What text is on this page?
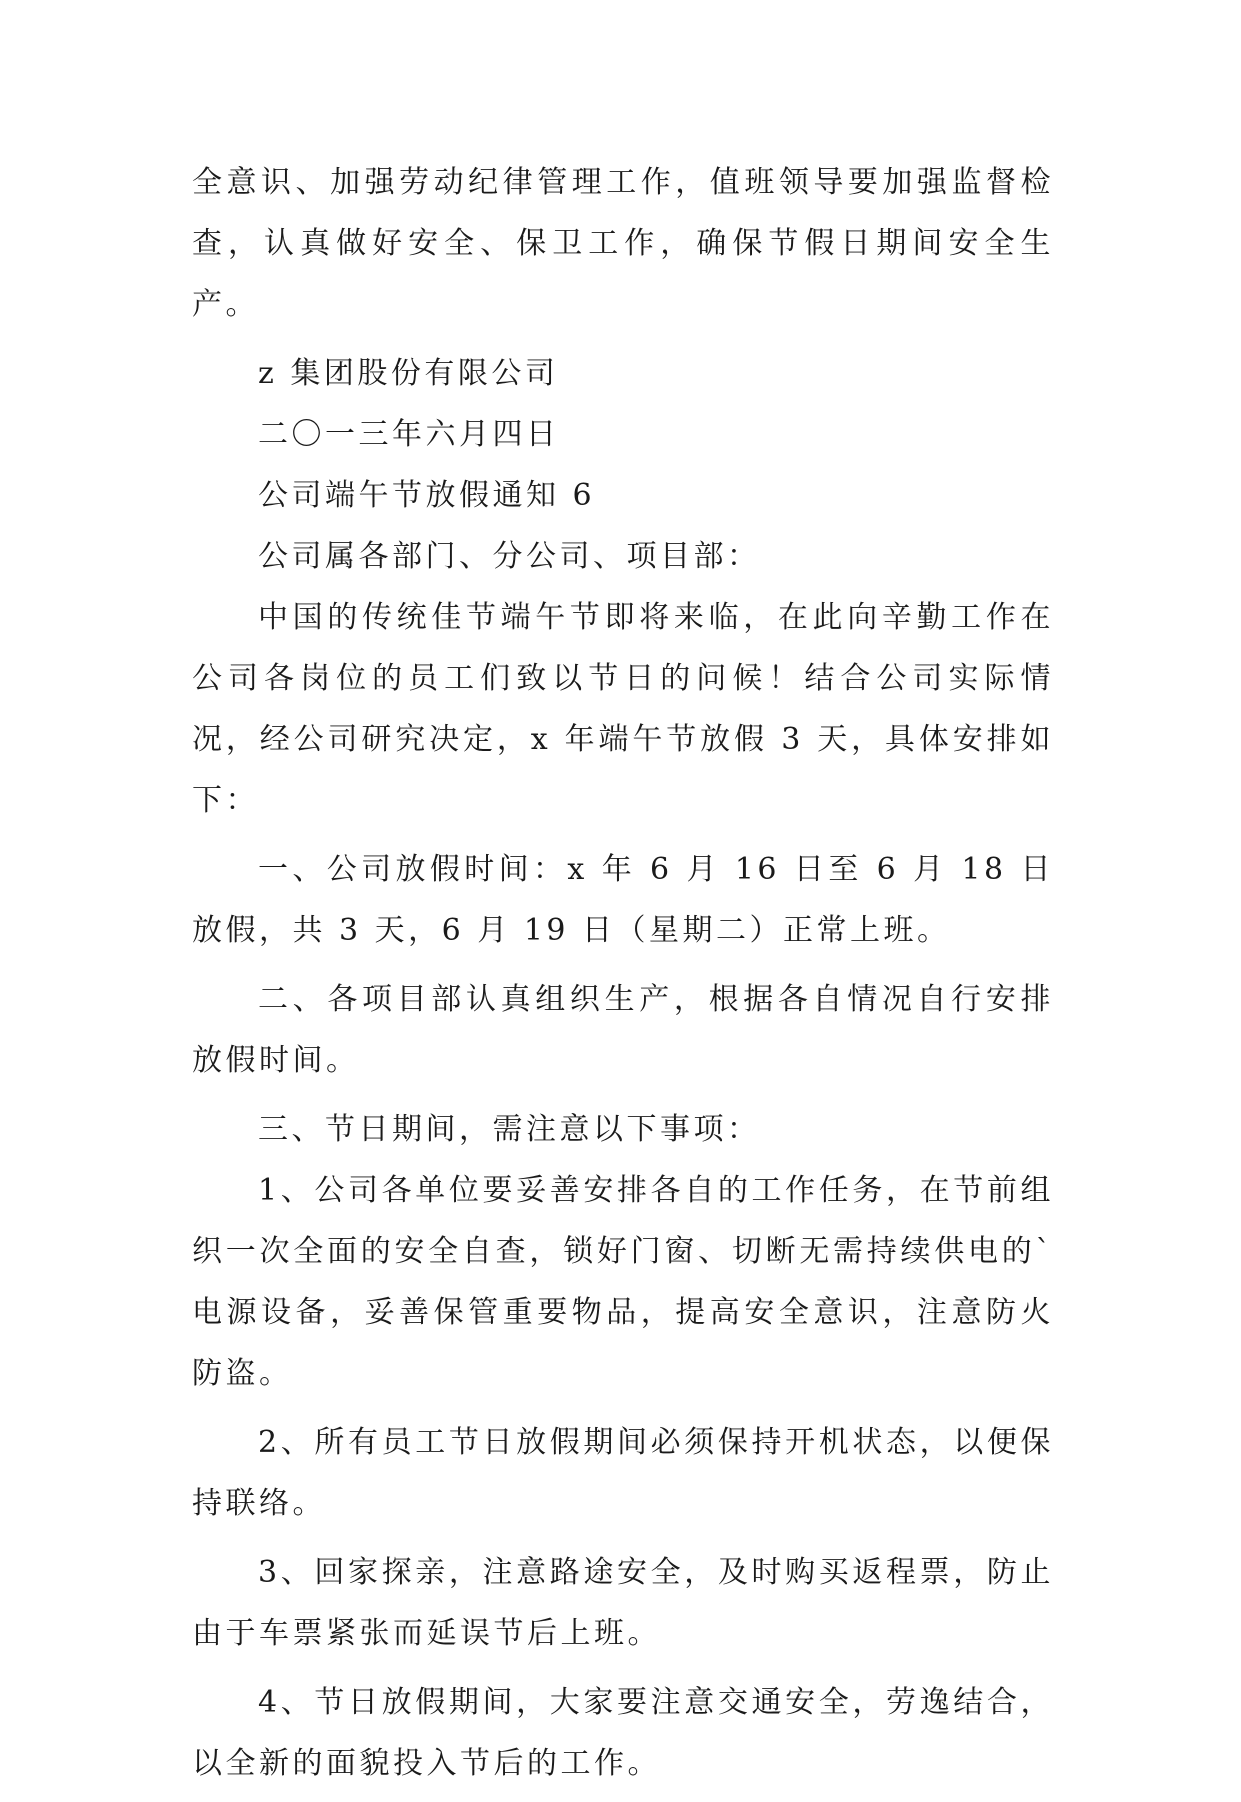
全意识、加强劳动纪律管理工作，值班领导要加强监督检查，认真做好安全、保卫工作，确保节假日期间安全生产。

z 集团股份有限公司

二〇一三年六月四日

公司端午节放假通知 6

公司属各部门、分公司、项目部：

中国的传统佳节端午节即将来临，在此向辛勤工作在公司各岗位的员工们致以节日的问候！结合公司实际情况，经公司研究决定，x 年端午节放假 3 天，具体安排如下：

一、公司放假时间：x 年 6 月 16 日至 6 月 18 日放假，共 3 天，6 月 19 日（星期二）正常上班。

二、各项目部认真组织生产，根据各自情况自行安排放假时间。

三、节日期间，需注意以下事项：

1、公司各单位要妥善安排各自的工作任务，在节前组织一次全面的安全自查，锁好门窗、切断无需持续供电的`电源设备，妥善保管重要物品，提高安全意识，注意防火防盗。

2、所有员工节日放假期间必须保持开机状态，以便保持联络。

3、回家探亲，注意路途安全，及时购买返程票，防止由于车票紧张而延误节后上班。

4、节日放假期间，大家要注意交通安全，劳逸结合，以全新的面貌投入节后的工作。
